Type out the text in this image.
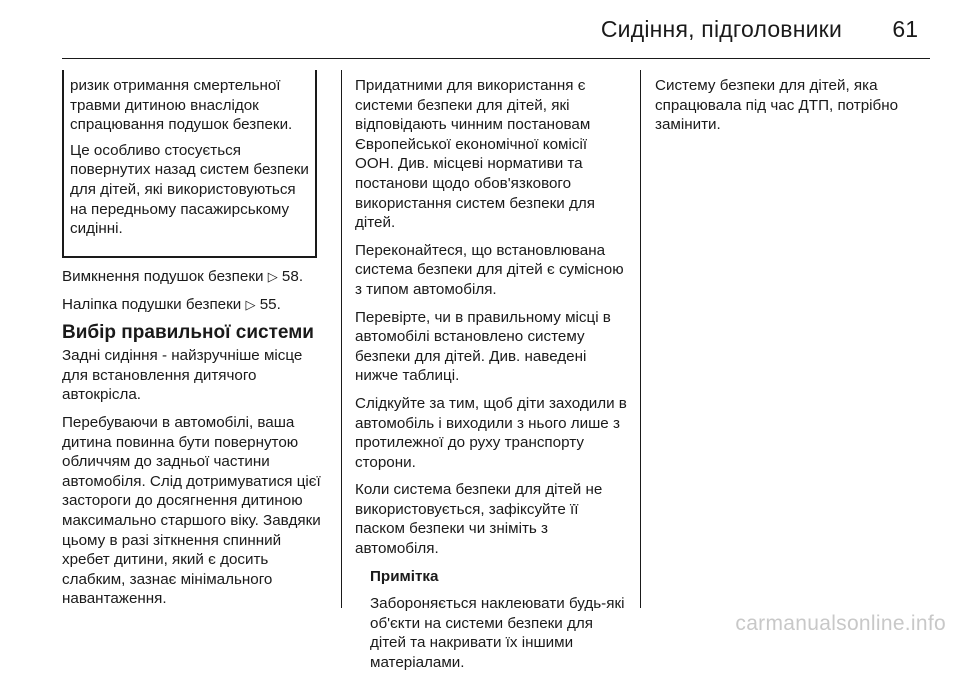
Сидіння, підголовники 61

ризик отримання смертельної травми дитиною внаслідок спрацювання подушок безпеки.

Це особливо стосується повернутих назад систем безпеки для дітей, які використовуються на передньому пасажирському сидінні.

Вимкнення подушок безпеки ▷ 58.

Наліпка подушки безпеки ▷ 55.

Вибір правильної системи

Задні сидіння - найзручніше місце для встановлення дитячого автокрісла.

Перебуваючи в автомобілі, ваша дитина повинна бути повернутою обличчям до задньої частини автомобіля. Слід дотримуватися цієї засторoги до досягнення дитиною максимально старшого віку. Завдяки цьому в разі зіткнення спинний хребет дитини, який є досить слабким, зазнає мінімального навантаження.

Придатними для використання є системи безпеки для дітей, які відповідають чинним постановам Європейської економічної комісії ООН. Див. місцеві нормативи та постанови щодо обов'язкового використання систем безпеки для дітей.

Переконайтеся, що встановлювана система безпеки для дітей є сумісною з типом автомобіля.

Перевірте, чи в правильному місці в автомобілі встановлено систему безпеки для дітей. Див. наведені нижче таблиці.

Слідкуйте за тим, щоб діти заходили в автомобіль і виходили з нього лише з протилежної до руху транспорту сторони.

Коли система безпеки для дітей не використовується, зафіксуйте її паском безпеки чи зніміть з автомобіля.

Примітка

Забороняється наклеювати будь-які об'єкти на системи безпеки для дітей та накривати їх іншими матеріалами.

Систему безпеки для дітей, яка спрацювала під час ДТП, потрібно замінити.

carmanualsonline.info
